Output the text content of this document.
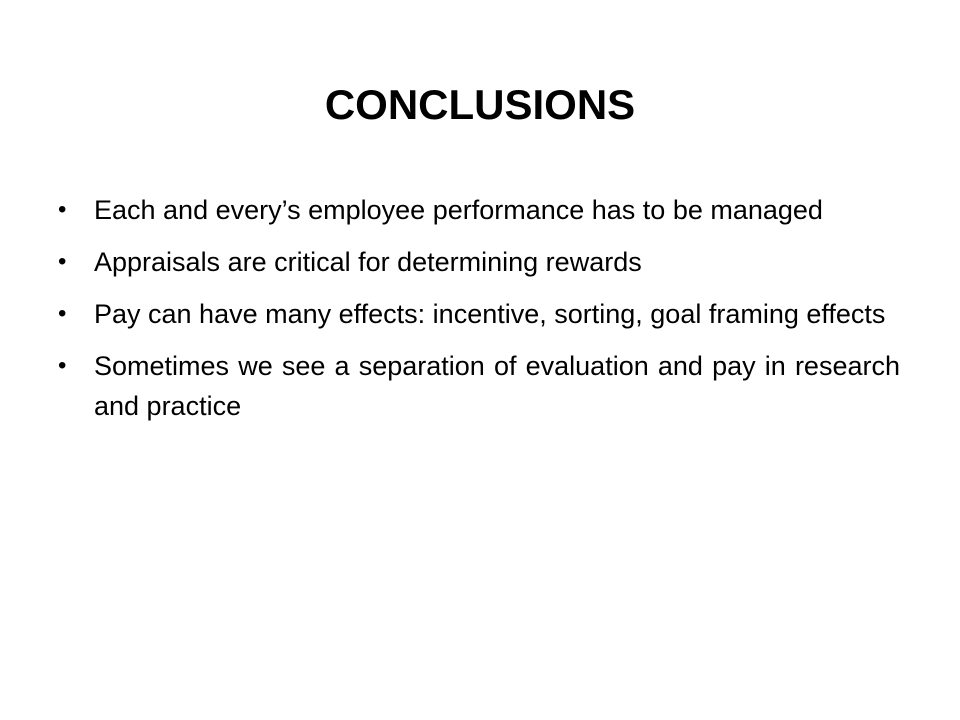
CONCLUSIONS
•	Each and every’s employee performance has to be managed
•	Appraisals are critical for determining rewards
•	Pay can have many effects: incentive, sorting, goal framing effects
•	Sometimes we see a separation of evaluation and pay in research and practice
